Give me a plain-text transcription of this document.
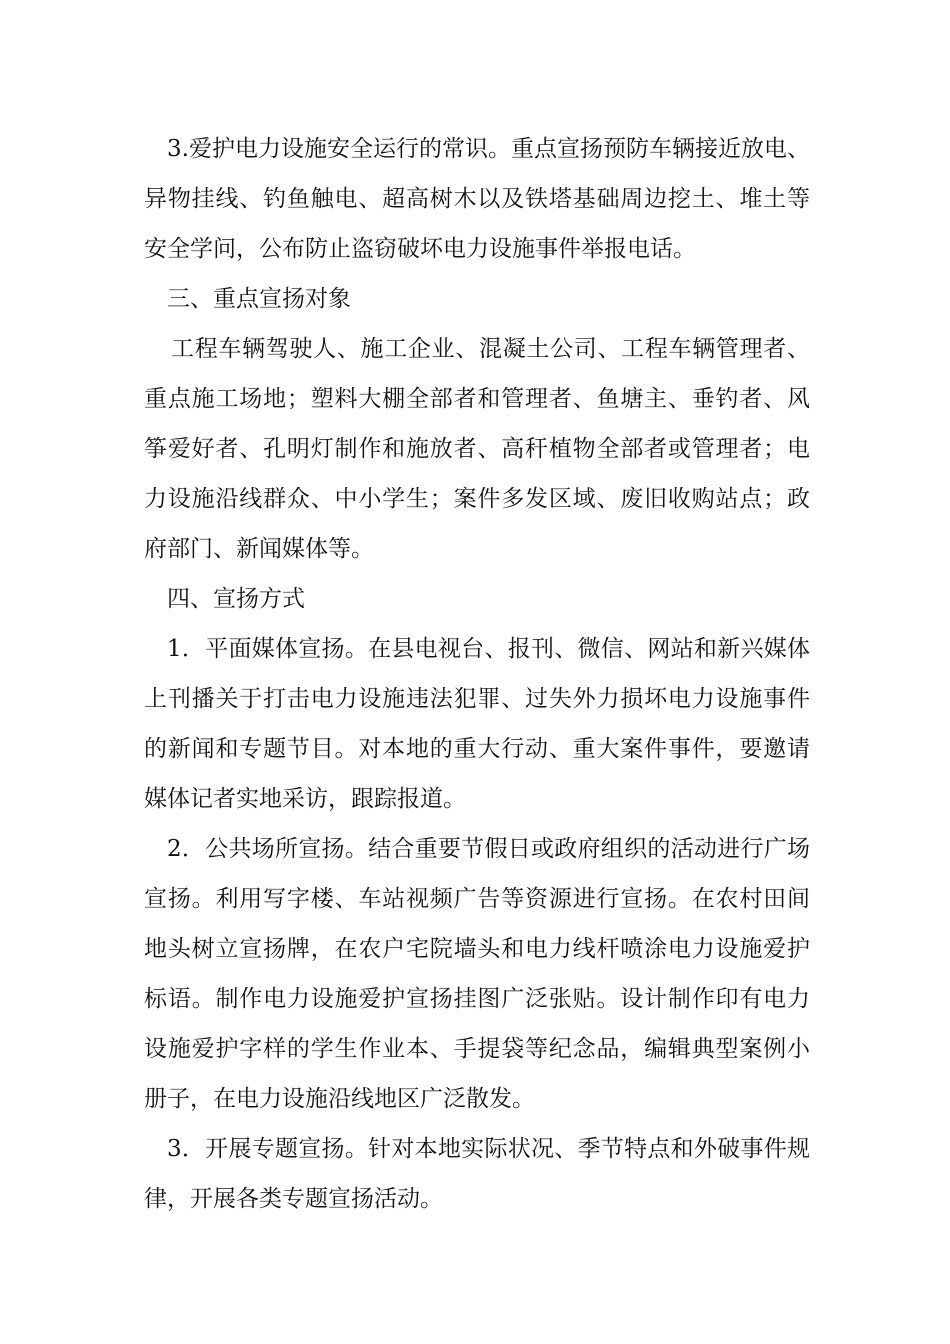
3.爱护电力设施安全运行的常识。重点宣扬预防车辆接近放电、异物挂线、钓鱼触电、超高树木以及铁塔基础周边挖土、堆土等安全学问，公布防止盗窃破坏电力设施事件举报电话。

三、重点宣扬对象

工程车辆驾驶人、施工企业、混凝土公司、工程车辆管理者、重点施工场地；塑料大棚全部者和管理者、鱼塘主、垂钓者、风筝爱好者、孔明灯制作和施放者、高秆植物全部者或管理者；电力设施沿线群众、中小学生；案件多发区域、废旧收购站点；政府部门、新闻媒体等。

四、宣扬方式

1．平面媒体宣扬。在县电视台、报刊、微信、网站和新兴媒体上刊播关于打击电力设施违法犯罪、过失外力损坏电力设施事件的新闻和专题节目。对本地的重大行动、重大案件事件，要邀请媒体记者实地采访，跟踪报道。

2．公共场所宣扬。结合重要节假日或政府组织的活动进行广场宣扬。利用写字楼、车站视频广告等资源进行宣扬。在农村田间地头树立宣扬牌，在农户宅院墙头和电力线杆喷涂电力设施爱护标语。制作电力设施爱护宣扬挂图广泛张贴。设计制作印有电力设施爱护字样的学生作业本、手提袋等纪念品，编辑典型案例小册子，在电力设施沿线地区广泛散发。

3．开展专题宣扬。针对本地实际状况、季节特点和外破事件规律，开展各类专题宣扬活动。
